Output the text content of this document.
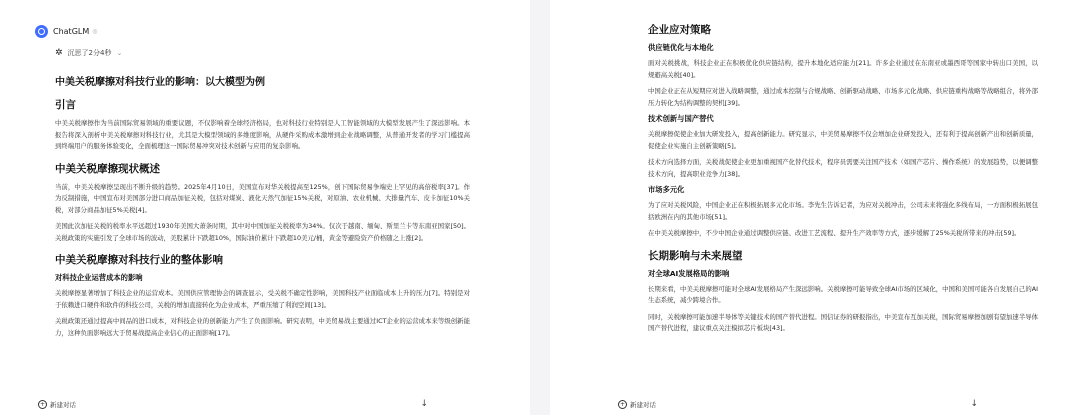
ChatGLM ◎
✲ 沉思了2分4秒 ⌄
中美关税摩擦对科技行业的影响：以大模型为例
引言

中美关税摩擦作为当前国际贸易领域的重要议题，不仅影响着全球经济格局，也对科技行业特别是人工智能领域的大模型发展产生了深远影响。本报告将深入剖析中美关税摩擦对科技行业，尤其是大模型领域的多维度影响，从硬件采购成本激增到企业战略调整，从普通开发者的学习门槛提高到终端用户的服务体验变化，全面梳理这一国际贸易冲突对技术创新与应用的复杂影响。

中美关税摩擦现状概述

当前，中美关税摩擦呈现出不断升级的趋势。2025年4月10日，美国宣布对华关税提高至125%，创下国际贸易争端史上罕见的高倍税率[37]。作为反制措施，中国宣布对美国部分进口商品加征关税，包括对煤炭、液化天然气加征15%关税，对原油、农业机械、大排量汽车、皮卡加征10%关税，对部分商品加征5%关税[4]。

美国此次加征关税的税率水平远超过1930年美国大萧条时期，其中对中国加征关税税率为34%。仅次于越南、缅甸、斯里兰卡等东南亚国家[50]。关税政策的实施引发了全球市场的波动，美股累计下跌超10%，国际油价累计下跌超10美元/桶，黄金等避险资产价格随之上涨[2]。

中美关税摩擦对科技行业的整体影响
对科技企业运营成本的影响

关税摩擦显著增加了科技企业的运营成本。美国供应管理协会的调查显示，受关税不确定性影响，美国科技产业面临成本上升的压力[7]。特别是对于依赖进口硬件和软件的科技公司，关税的增加直接转化为企业成本，严重压缩了利润空间[13]。

关税政策还通过提高中间品的进口成本，对科技企业的创新能力产生了负面影响。研究表明，中美贸易战主要通过ICT企业的运营成本来等级创新能力，这种负面影响远大于贸易战提高企业信心的正面影响[17]。

+ 新建对话	↓
企业应对策略
供应链优化与本地化

面对关税挑战，科技企业正在积极优化供应链结构，提升本地化适应能力[21]。许多企业通过在东南亚或墨西哥等国家中转出口美国，以规避高关税[40]。

中国企业正在从短期应对进入战略调整，通过成本控制与合规战略、创新驱动战略、市场多元化战略、供应链重构战略等战略组合，将外部压力转化为结构调整的契机[39]。

技术创新与国产替代

关税摩擦促使企业加大研发投入，提高创新能力。研究显示，中美贸易摩擦不仅会增加企业研发投入，还有利于提高创新产出和创新质量，促使企业实施自主创新策略[5]。

技术方向选择方面，关税战促使企业更加重视国产化替代技术，程序员需要关注国产技术（如国产芯片、操作系统）的发展趋势，以便调整技术方向，提高职业竞争力[38]。

市场多元化

为了应对关税风险，中国企业正在积极拓展多元化市场。李先生告诉记者，为应对关税冲击，公司未来将强化多线布局，一方面积极拓展包括欧洲在内的其他市场[51]。

在中美关税摩擦中，不少中国企业通过调整供应链、改进工艺流程、提升生产效率等方式，逐步缓解了25%关税所带来的冲击[59]。

长期影响与未来展望
对全球AI发展格局的影响

长期来看，中美关税摩擦可能对全球AI发展格局产生深远影响。关税摩擦可能导致全球AI市场的区域化，中国和美国可能各自发展自己的AI生态系统，减少跨境合作。

同时，关税摩擦可能加速半导体等关键技术的国产替代进程。国信证券的研报指出，中美宣布互加关税，国际贸易摩擦加剧有望加速半导体国产替代进程，建议重点关注模拟芯片板块[43]。

+ 新建对话	↓
